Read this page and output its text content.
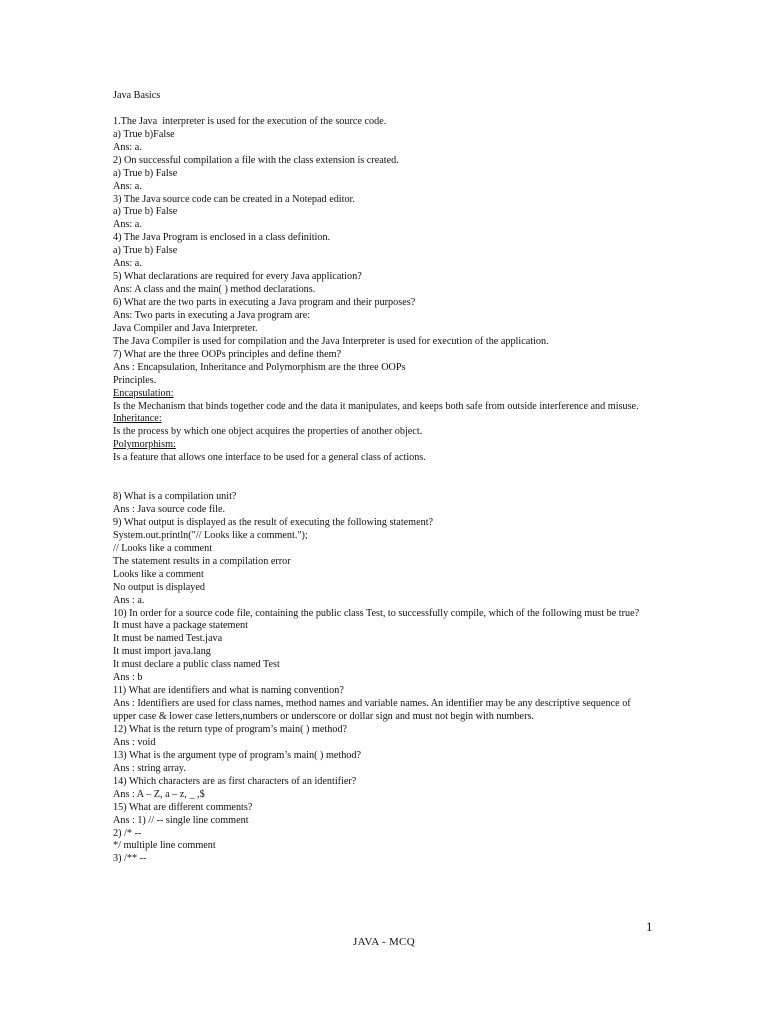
Java Basics
1.The Java  interpreter is used for the execution of the source code.
a) True b)False
Ans: a.
2) On successful compilation a file with the class extension is created.
a) True b) False
Ans: a.
3) The Java source code can be created in a Notepad editor.
a) True b) False
Ans: a.
4) The Java Program is enclosed in a class definition.
a) True b) False
Ans: a.
5) What declarations are required for every Java application?
Ans: A class and the main( ) method declarations.
6) What are the two parts in executing a Java program and their purposes?
Ans: Two parts in executing a Java program are:
Java Compiler and Java Interpreter.
The Java Compiler is used for compilation and the Java Interpreter is used for execution of the application.
7) What are the three OOPs principles and define them?
Ans : Encapsulation, Inheritance and Polymorphism are the three OOPs
Principles.
Encapsulation:
Is the Mechanism that binds together code and the data it manipulates, and keeps both safe from outside interference and misuse.
Inheritance:
Is the process by which one object acquires the properties of another object.
Polymorphism:
Is a feature that allows one interface to be used for a general class of actions.
8) What is a compilation unit?
Ans : Java source code file.
9) What output is displayed as the result of executing the following statement?
System.out.println("// Looks like a comment.");
// Looks like a comment
The statement results in a compilation error
Looks like a comment
No output is displayed
Ans : a.
10) In order for a source code file, containing the public class Test, to successfully compile, which of the following must be true?
It must have a package statement
It must be named Test.java
It must import java.lang
It must declare a public class named Test
Ans : b
11) What are identifiers and what is naming convention?
Ans : Identifiers are used for class names, method names and variable names. An identifier may be any descriptive sequence of upper case & lower case letters,numbers or underscore or dollar sign and must not begin with numbers.
12) What is the return type of program’s main( ) method?
Ans : void
13) What is the argument type of program’s main( ) method?
Ans : string array.
14) Which characters are as first characters of an identifier?
Ans : A – Z, a – z, _ ,$
15) What are different comments?
Ans : 1) // -- single line comment
2) /* --
*/ multiple line comment
3) /** --
1
JAVA - MCQ
